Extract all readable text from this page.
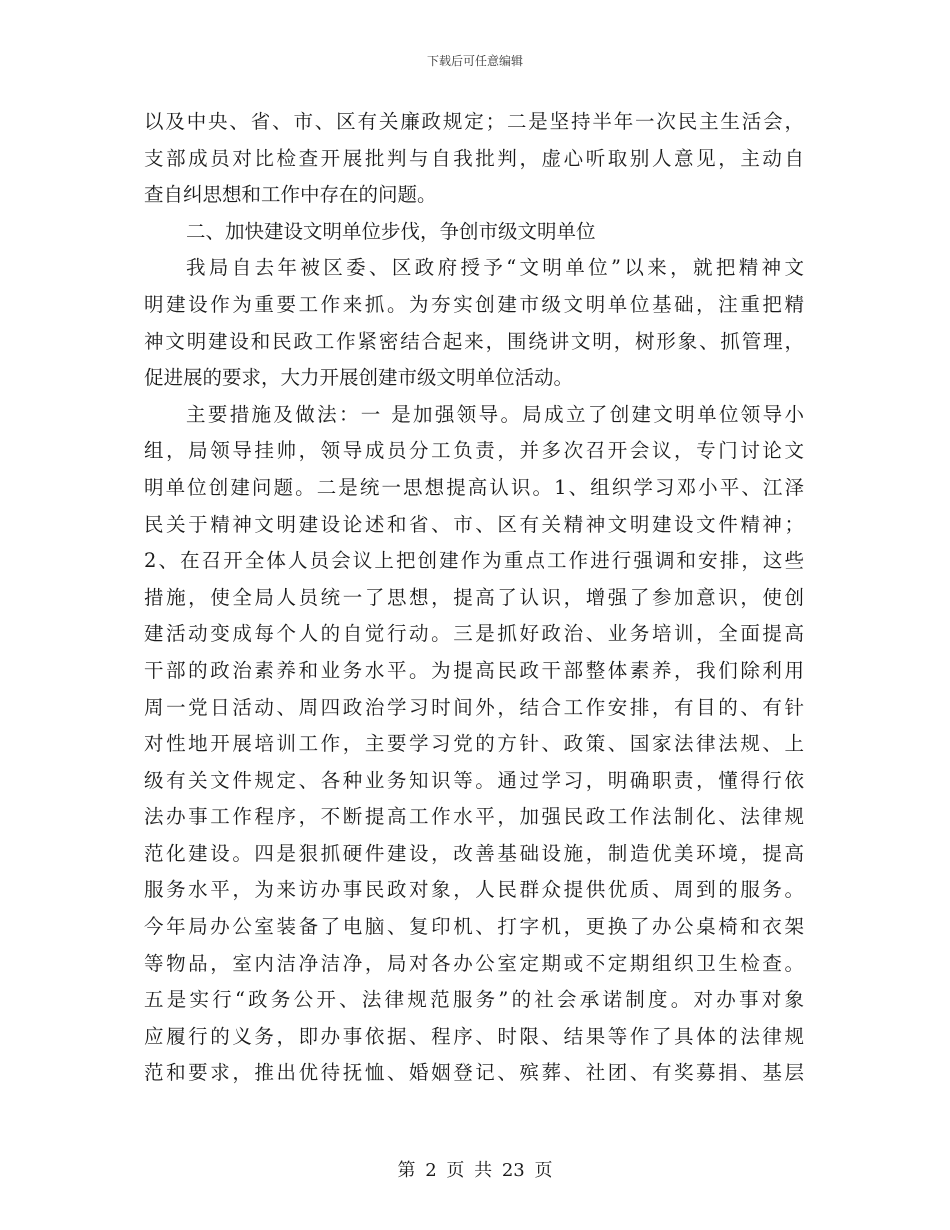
下载后可任意编辑
以及中央、省、市、区有关廉政规定；二是坚持半年一次民主生活会，
支部成员对比检查开展批判与自我批判，虚心听取别人意见，主动自
查自纠思想和工作中存在的问题。
二、加快建设文明单位步伐，争创市级文明单位
我局自去年被区委、区政府授予“文明单位”以来，就把精神文
明建设作为重要工作来抓。为夯实创建市级文明单位基础，注重把精
神文明建设和民政工作紧密结合起来，围绕讲文明，树形象、抓管理，
促进展的要求，大力开展创建市级文明单位活动。
主要措施及做法：一 是加强领导。局成立了创建文明单位领导小
组，局领导挂帅，领导成员分工负责，并多次召开会议，专门讨论文
明单位创建问题。二是统一思想提高认识。1、组织学习邓小平、江泽
民关于精神文明建设论述和省、市、区有关精神文明建设文件精神；
2、在召开全体人员会议上把创建作为重点工作进行强调和安排，这些
措施，使全局人员统一了思想，提高了认识，增强了参加意识，使创
建活动变成每个人的自觉行动。三是抓好政治、业务培训，全面提高
干部的政治素养和业务水平。为提高民政干部整体素养，我们除利用
周一党日活动、周四政治学习时间外，结合工作安排，有目的、有针
对性地开展培训工作，主要学习党的方针、政策、国家法律法规、上
级有关文件规定、各种业务知识等。通过学习，明确职责，懂得行依
法办事工作程序，不断提高工作水平，加强民政工作法制化、法律规
范化建设。四是狠抓硬件建设，改善基础设施，制造优美环境，提高
服务水平，为来访办事民政对象，人民群众提供优质、周到的服务。
今年局办公室装备了电脑、复印机、打字机，更换了办公桌椅和衣架
等物品，室内洁净洁净，局对各办公室定期或不定期组织卫生检查。
五是实行“政务公开、法律规范服务”的社会承诺制度。对办事对象
应履行的义务，即办事依据、程序、时限、结果等作了具体的法律规
范和要求，推出优待抚恤、婚姻登记、殡葬、社团、有奖募捐、基层
第 2 页 共 23 页
